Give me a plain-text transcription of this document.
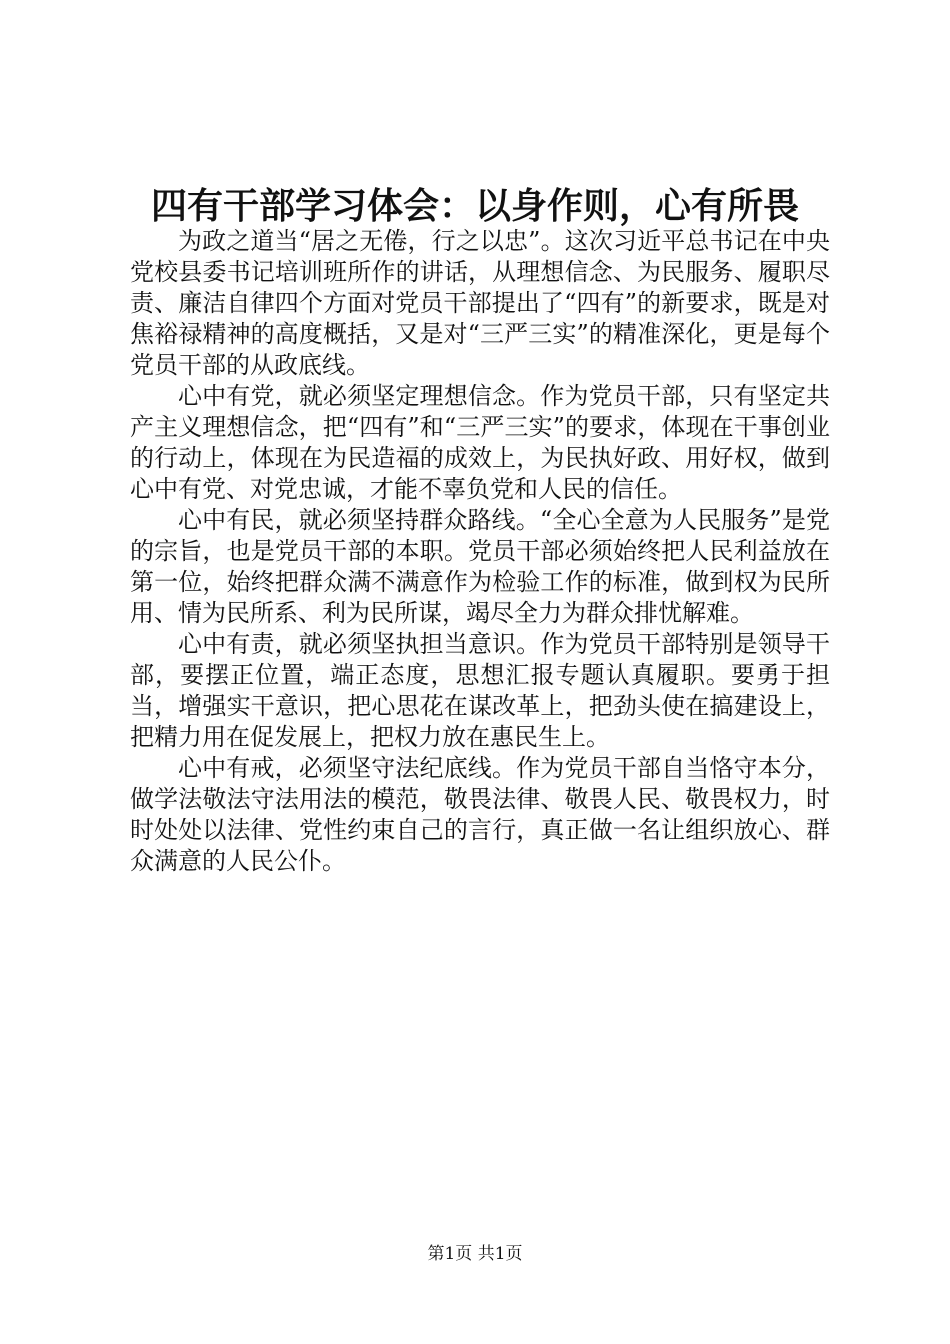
四有干部学习体会：以身作则，心有所畏

为政之道当“居之无倦，行之以忠”。这次习近平总书记在中央党校县委书记培训班所作的讲话，从理想信念、为民服务、履职尽责、廉洁自律四个方面对党员干部提出了“四有”的新要求，既是对焦裕禄精神的高度概括，又是对“三严三实”的精准深化，更是每个党员干部的从政底线。

心中有党，就必须坚定理想信念。作为党员干部，只有坚定共产主义理想信念，把“四有”和“三严三实”的要求，体现在干事创业的行动上，体现在为民造福的成效上，为民执好政、用好权，做到心中有党、对党忠诚，才能不辜负党和人民的信任。

心中有民，就必须坚持群众路线。“全心全意为人民服务”是党的宗旨，也是党员干部的本职。党员干部必须始终把人民利益放在第一位，始终把群众满不满意作为检验工作的标准，做到权为民所用、情为民所系、利为民所谋，竭尽全力为群众排忧解难。

心中有责，就必须坚执担当意识。作为党员干部特别是领导干部，要摆正位置，端正态度，思想汇报专题认真履职。要勇于担当，增强实干意识，把心思花在谋改革上，把劲头使在搞建设上，把精力用在促发展上，把权力放在惠民生上。

心中有戒，必须坚守法纪底线。作为党员干部自当恪守本分，做学法敬法守法用法的模范，敬畏法律、敬畏人民、敬畏权力，时时处处以法律、党性约束自己的言行，真正做一名让组织放心、群众满意的人民公仆。

第1页 共1页
